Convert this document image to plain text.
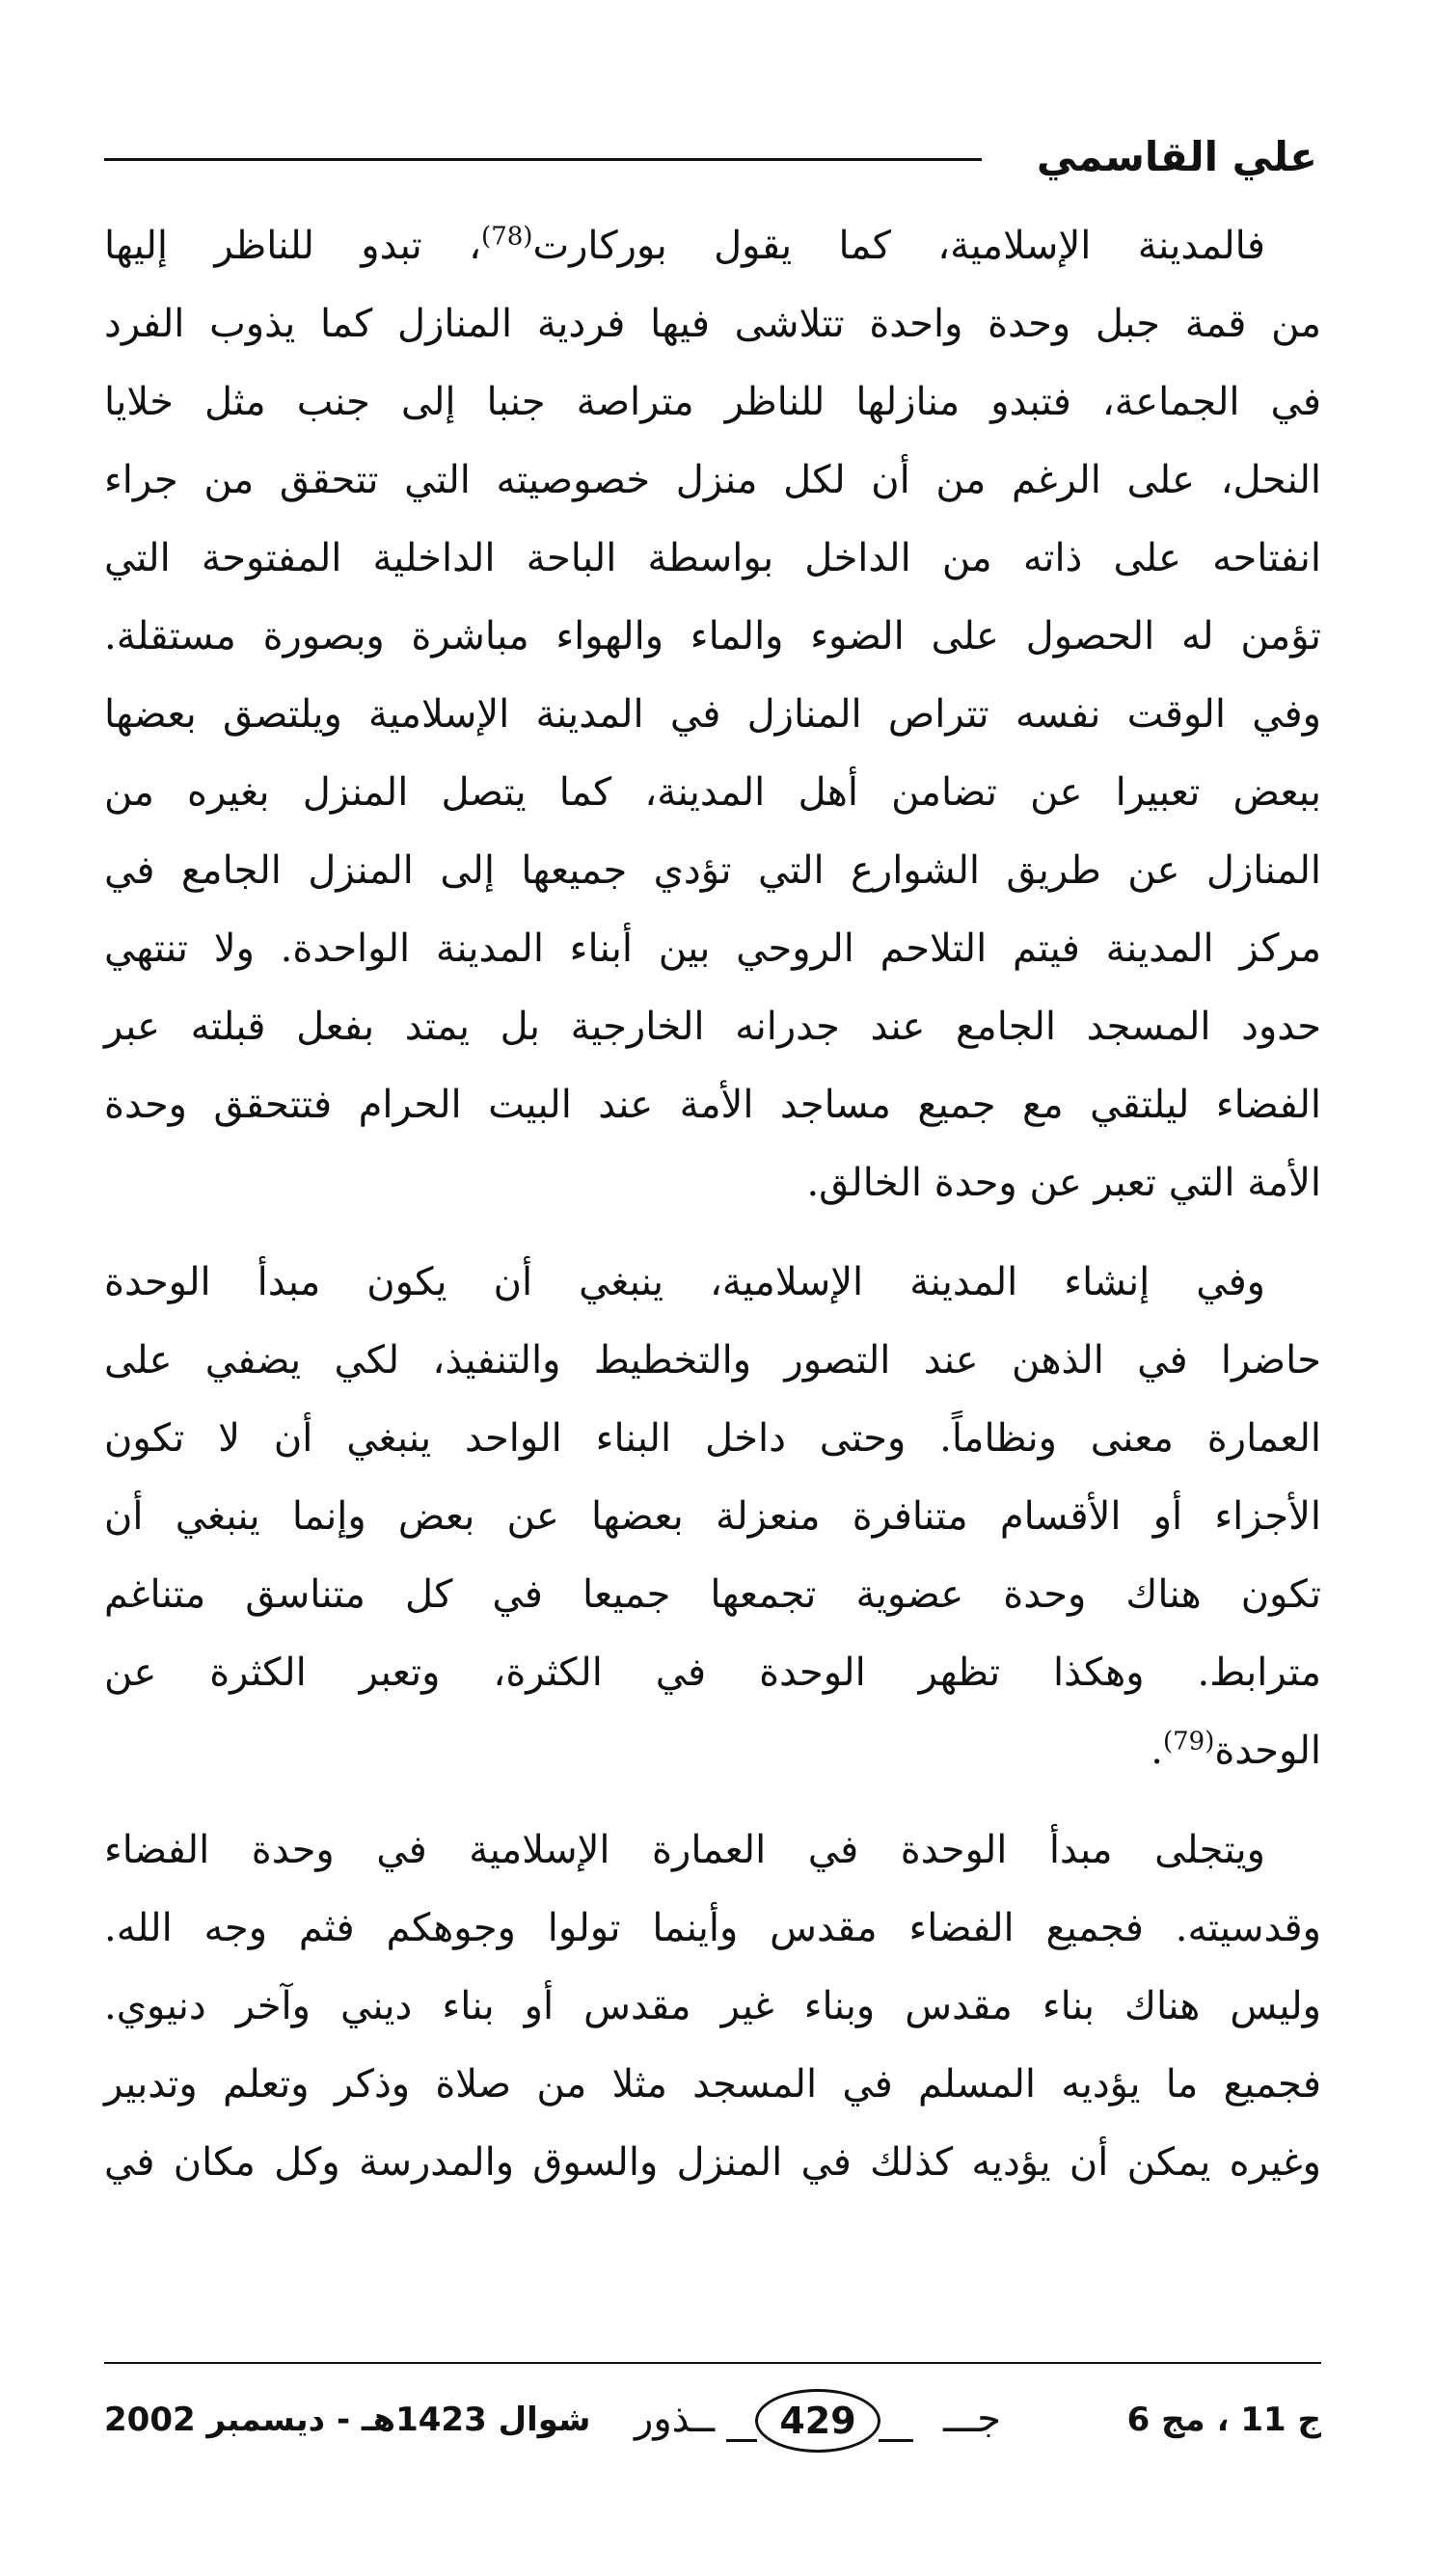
علي القاسمي
فالمدينة الإسلامية، كما يقول بوركارت$^{(78)}$، تبدو للناظر إليها
من قمة جبل وحدة واحدة تتلاشى فيها فردية المنازل كما يذوب الفرد
في الجماعة، فتبدو منازلها للناظر متراصة جنبا إلى جنب مثل خلايا
النحل، على الرغم من أن لكل منزل خصوصيته التي تتحقق من جراء
انفتاحه على ذاته من الداخل بواسطة الباحة الداخلية المفتوحة التي
تؤمن له الحصول على الضوء والماء والهواء مباشرة وبصورة مستقلة.
وفي الوقت نفسه تتراص المنازل في المدينة الإسلامية ويلتصق بعضها
ببعض تعبيرا عن تضامن أهل المدينة، كما يتصل المنزل بغيره من
المنازل عن طريق الشوارع التي تؤدي جميعها إلى المنزل الجامع في
مركز المدينة فيتم التلاحم الروحي بين أبناء المدينة الواحدة. ولا تنتهي
حدود المسجد الجامع عند جدرانه الخارجية بل يمتد بفعل قبلته عبر
الفضاء ليلتقي مع جميع مساجد الأمة عند البيت الحرام فتتحقق وحدة
الأمة التي تعبر عن وحدة الخالق.
وفي إنشاء المدينة الإسلامية، ينبغي أن يكون مبدأ الوحدة
حاضرا في الذهن عند التصور والتخطيط والتنفيذ، لكي يضفي على
العمارة معنى ونظاماً. وحتى داخل البناء الواحد ينبغي أن لا تكون
الأجزاء أو الأقسام متنافرة منعزلة بعضها عن بعض وإنما ينبغي أن
تكون هناك وحدة عضوية تجمعها جميعا في كل متناسق متناغم
مترابط. وهكذا تظهر الوحدة في الكثرة، وتعبر الكثرة عن
الوحدة$^{(79)}$.
ويتجلى مبدأ الوحدة في العمارة الإسلامية في وحدة الفضاء
وقدسيته. فجميع الفضاء مقدس وأينما تولوا وجوهكم فثم وجه الله.
وليس هناك بناء مقدس وبناء غير مقدس أو بناء ديني وآخر دنيوي.
فجميع ما يؤديه المسلم في المسجد مثلا من صلاة وذكر وتعلم وتدبير
وغيره يمكن أن يؤديه كذلك في المنزل والسوق والمدرسة وكل مكان في
ج 11 ، مج 6
جـــ
ــذور	429
شوال 1423هـ - ديسمبر 2002
